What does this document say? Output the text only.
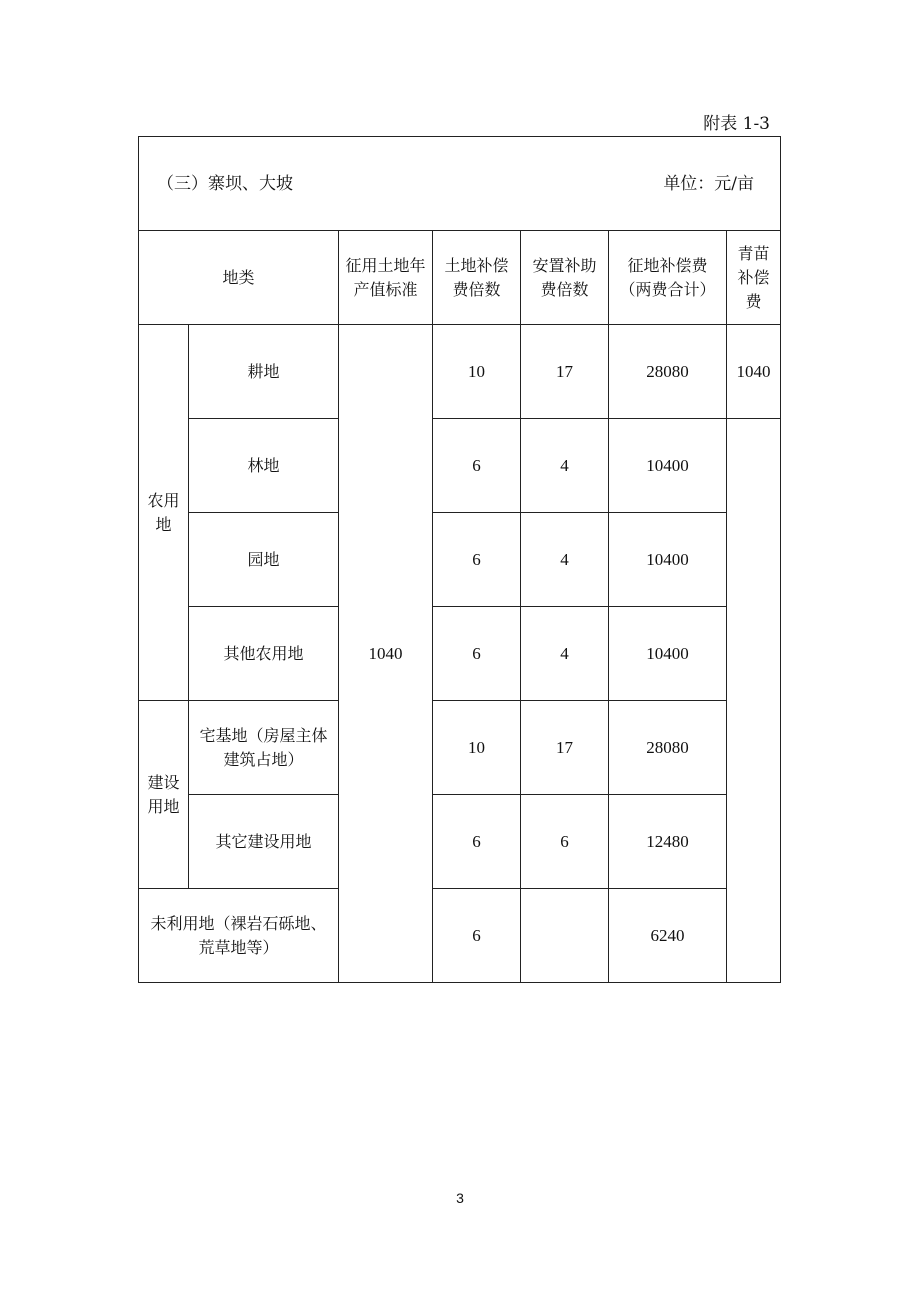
附表 1-3
（三）寨坝、大坡 单位：元/亩						

地类		征用土地年产值标准	土地补偿费倍数	安置补助费倍数	征地补偿费（两费合计）	青苗补偿费
农用地	耕地	1040	10	17	28080	1040
	林地		6	4	10400	
	园地		6	4	10400	
	其他农用地		6	4	10400	
建设用地	宅基地（房屋主体建筑占地）		10	17	28080	
	其它建设用地		6	6	12480	
未利用地（裸岩石砾地、荒草地等）			6		6240	
3
